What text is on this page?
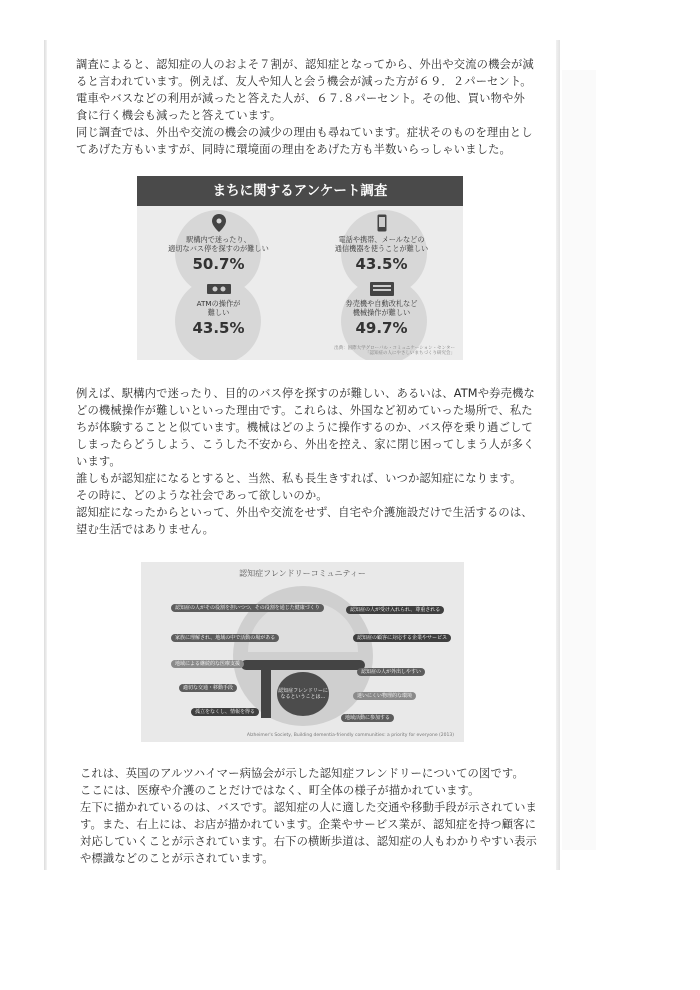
調査によると、認知症の人のおよそ７割が、認知症となってから、外出や交流の機会が減ると言われています。例えば、友人や知人と会う機会が減った方が６９．２パーセント。電車やバスなどの利用が減ったと答えた人が、６７.８パーセント。その他、買い物や外食に行く機会も減ったと答えています。
同じ調査では、外出や交流の機会の減少の理由も尋ねています。症状そのものを理由としてあげた方もいますが、同時に環境面の理由をあげた方も半数いらっしゃいました。

まちに関するアンケート調査

駅構内で迷ったり、
適切なバス停を探すのが難しい
50.7%
電話や携帯、メールなどの
通信機器を使うことが難しい
43.5%
ATMの操作が
難しい
43.5%
券売機や自動改札など
機械操作が難しい
49.7%
出典：国際大学グローバル・コミュニケーション・センター
「認知症の人にやさしいまちづくり研究会」

例えば、駅構内で迷ったり、目的のバス停を探すのが難しい、あるいは、ATMや券売機などの機械操作が難しいといった理由です。これらは、外国など初めていった場所で、私たちが体験することと似ています。機械はどのように操作するのか、バス停を乗り過ごしてしまったらどうしよう、こうした不安から、外出を控え、家に閉じ困ってしまう人が多くいます。
誰しもが認知症になるとすると、当然、私も長生きすれば、いつか認知症になります。
その時に、どのような社会であって欲しいのか。
認知症になったからといって、外出や交流をせず、自宅や介護施設だけで生活するのは、望む生活ではありません。

認知症フレンドリーコミュニティー

認知症の人がその役割を担いつつ、その役割を通じた健康づくり	認知症の人が受け入れられ、尊重される
家族に理解され、地域の中で活動の場がある	認知症の顧客に対応する企業やサービス
地域による継続的な医療支援
認知症の人が外出しやすい
適切な交通・移動手段
迷いにくい物理的な環境
孤立をなくし、情報を得る
地域活動に参加する
認知症フレンドリーになるということは…
Alzheimer's Society, Building dementia-friendly communities: a priority for everyone (2013)

これは、英国のアルツハイマー病協会が示した認知症フレンドリーについての図です。
ここには、医療や介護のことだけではなく、町全体の様子が描かれています。
左下に描かれているのは、バスです。認知症の人に適した交通や移動手段が示されています。また、右上には、お店が描かれています。企業やサービス業が、認知症を持つ顧客に対応していくことが示されています。右下の横断歩道は、認知症の人もわかりやすい表示や標識などのことが示されています。
